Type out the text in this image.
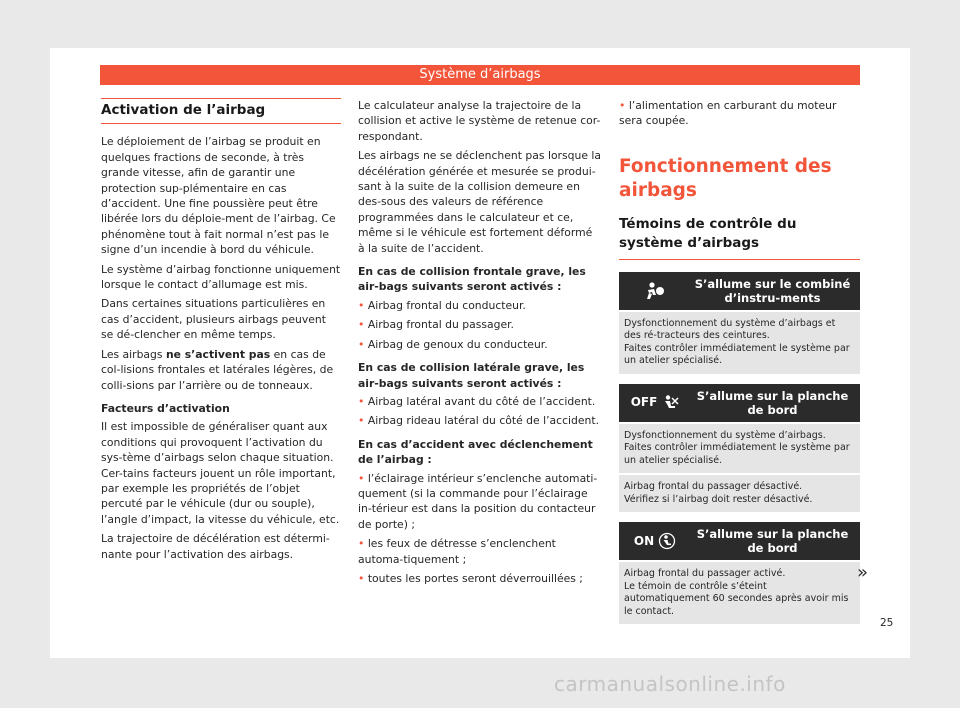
Système d’airbags
Activation de l’airbag

Le déploiement de l’airbag se produit en quelques fractions de seconde, à très grande vitesse, afin de garantir une protection sup-plémentaire en cas d’accident. Une fine poussière peut être libérée lors du déploie-ment de l’airbag. Ce phénomène tout à fait normal n’est pas le signe d’un incendie à bord du véhicule.

Le système d’airbag fonctionne uniquement lorsque le contact d’allumage est mis.

Dans certaines situations particulières en cas d’accident, plusieurs airbags peuvent se dé-clencher en même temps.

Les airbags ne s’activent pas en cas de col-lisions frontales et latérales légères, de colli-sions par l’arrière ou de tonneaux.

Facteurs d’activation

Il est impossible de généraliser quant aux conditions qui provoquent l’activation du sys-tème d’airbags selon chaque situation. Cer-tains facteurs jouent un rôle important, par exemple les propriétés de l’objet percuté par le véhicule (dur ou souple), l’angle d’impact, la vitesse du véhicule, etc.

La trajectoire de décélération est détermi-nante pour l’activation des airbags.

Le calculateur analyse la trajectoire de la collision et active le système de retenue cor-respondant.

Les airbags ne se déclenchent pas lorsque la décélération générée et mesurée se produi-sant à la suite de la collision demeure en des-sous des valeurs de référence programmées dans le calculateur et ce, même si le véhicule est fortement déformé à la suite de l’accident.

En cas de collision frontale grave, les air-bags suivants seront activés :

• Airbag frontal du conducteur.

• Airbag frontal du passager.

• Airbag de genoux du conducteur.

En cas de collision latérale grave, les air-bags suivants seront activés :

• Airbag latéral avant du côté de l’accident.

• Airbag rideau latéral du côté de l’accident.

En cas d’accident avec déclenchement de l’airbag :

• l’éclairage intérieur s’enclenche automati-quement (si la commande pour l’éclairage in-térieur est dans la position du contacteur de porte) ;

• les feux de détresse s’enclenchent automa-tiquement ;

• toutes les portes seront déverrouillées ;

• l’alimentation en carburant du moteur sera coupée.

Fonctionnement des airbags
Témoins de contrôle du système d’airbags
S’allume sur le combiné d’instru-ments
Dysfonctionnement du système d’airbags et des ré-tracteurs des ceintures.
Faites contrôler immédiatement le système par un atelier spécialisé.
OFF	S’allume sur la planche de bord
Dysfonctionnement du système d’airbags.
Faites contrôler immédiatement le système par un atelier spécialisé.
Airbag frontal du passager désactivé.
Vérifiez si l’airbag doit rester désactivé.
ON	S’allume sur la planche de bord
Airbag frontal du passager activé.
Le témoin de contrôle s’éteint automatiquement 60 secondes après avoir mis le contact.
»
25
carmanualsonline.info
